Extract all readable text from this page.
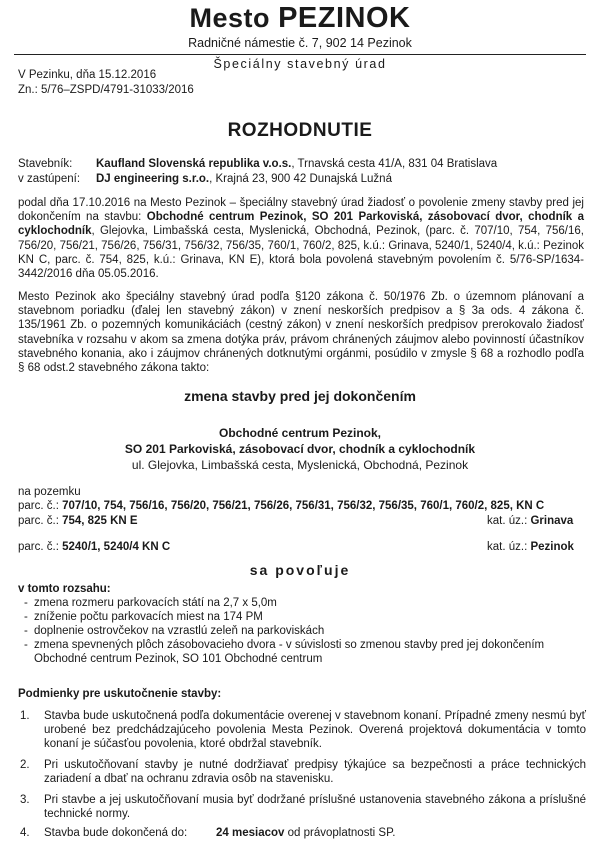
Mesto PEZINOK
Radničné námestie č. 7, 902 14 Pezinok
Špeciálny stavebný úrad
V Pezinku, dňa 15.12.2016
Zn.: 5/76–ZSPD/4791-31033/2016
ROZHODNUTIE
Stavebník: Kaufland Slovenská republika v.o.s., Trnavská cesta 41/A, 831 04 Bratislava
v zastúpení: DJ engineering s.r.o., Krajná 23, 900 42 Dunajská Lužná
podal dňa 17.10.2016 na Mesto Pezinok – špeciálny stavebný úrad žiadosť o povolenie zmeny stavby pred jej dokončením na stavbu: Obchodné centrum Pezinok, SO 201 Parkoviská, zásobovací dvor, chodník a cyklochodník, Glejovka, Limbašská cesta, Myslenická, Obchodná, Pezinok, (parc. č. 707/10, 754, 756/16, 756/20, 756/21, 756/26, 756/31, 756/32, 756/35, 760/1, 760/2, 825, k.ú.: Grinava, 5240/1, 5240/4, k.ú.: Pezinok KN C, parc. č. 754, 825, k.ú.: Grinava, KN E), ktorá bola povolená stavebným povolením č. 5/76-SP/1634-3442/2016 dňa 05.05.2016.
Mesto Pezinok ako špeciálny stavebný úrad podľa §120 zákona č. 50/1976 Zb. o územnom plánovaní a stavebnom poriadku (ďalej len stavebný zákon) v znení neskorších predpisov a § 3a ods. 4 zákona č. 135/1961 Zb. o pozemných komunikáciách (cestný zákon) v znení neskorších predpisov prerokovalo žiadosť stavebníka v rozsahu v akom sa zmena dotýka práv, právom chránených záujmov alebo povinností účastníkov stavebného konania, ako i záujmov chránených dotknutými orgánmi, posúdilo v zmysle § 68 a rozhodlo podľa § 68 odst.2 stavebného zákona takto:
zmena stavby pred jej dokončením
Obchodné centrum Pezinok,
SO 201 Parkoviská, zásobovací dvor, chodník a cyklochodník
ul. Glejovka, Limbašská cesta, Myslenická, Obchodná, Pezinok
na pozemku
parc. č.: 707/10, 754, 756/16, 756/20, 756/21, 756/26, 756/31, 756/32, 756/35, 760/1, 760/2, 825, KN C
parc. č.: 754, 825 KN E	kat. úz.: Grinava
parc. č.: 5240/1, 5240/4 KN C	kat. úz.: Pezinok
sa povoľuje
v tomto rozsahu:
- zmena rozmeru parkovacích státí na 2,7 x 5,0m
- zníženie počtu parkovacích miest na 174 PM
- doplnenie ostrovčekov na vzrastlú zeleň na parkoviskách
- zmena spevnených plôch zásobovacieho dvora - v súvislosti so zmenou stavby pred jej dokončením Obchodné centrum Pezinok, SO 101 Obchodné centrum
Podmienky pre uskutočnenie stavby:
1. Stavba bude uskutočnená podľa dokumentácie overenej v stavebnom konaní. Prípadné zmeny nesmú byť urobené bez predchádzajúceho povolenia Mesta Pezinok. Overená projektová dokumentácia v tomto konaní je súčasťou povolenia, ktoré obdržal stavebník.
2. Pri uskutočňovaní stavby je nutné dodržiavať predpisy týkajúce sa bezpečnosti a práce technických zariadení a dbať na ochranu zdravia osôb na stavenisku.
3. Pri stavbe a jej uskutočňovaní musia byť dodržané príslušné ustanovenia stavebného zákona a príslušné technické normy.
4. Stavba bude dokončená do:	24 mesiacov od právoplatnosti SP.
